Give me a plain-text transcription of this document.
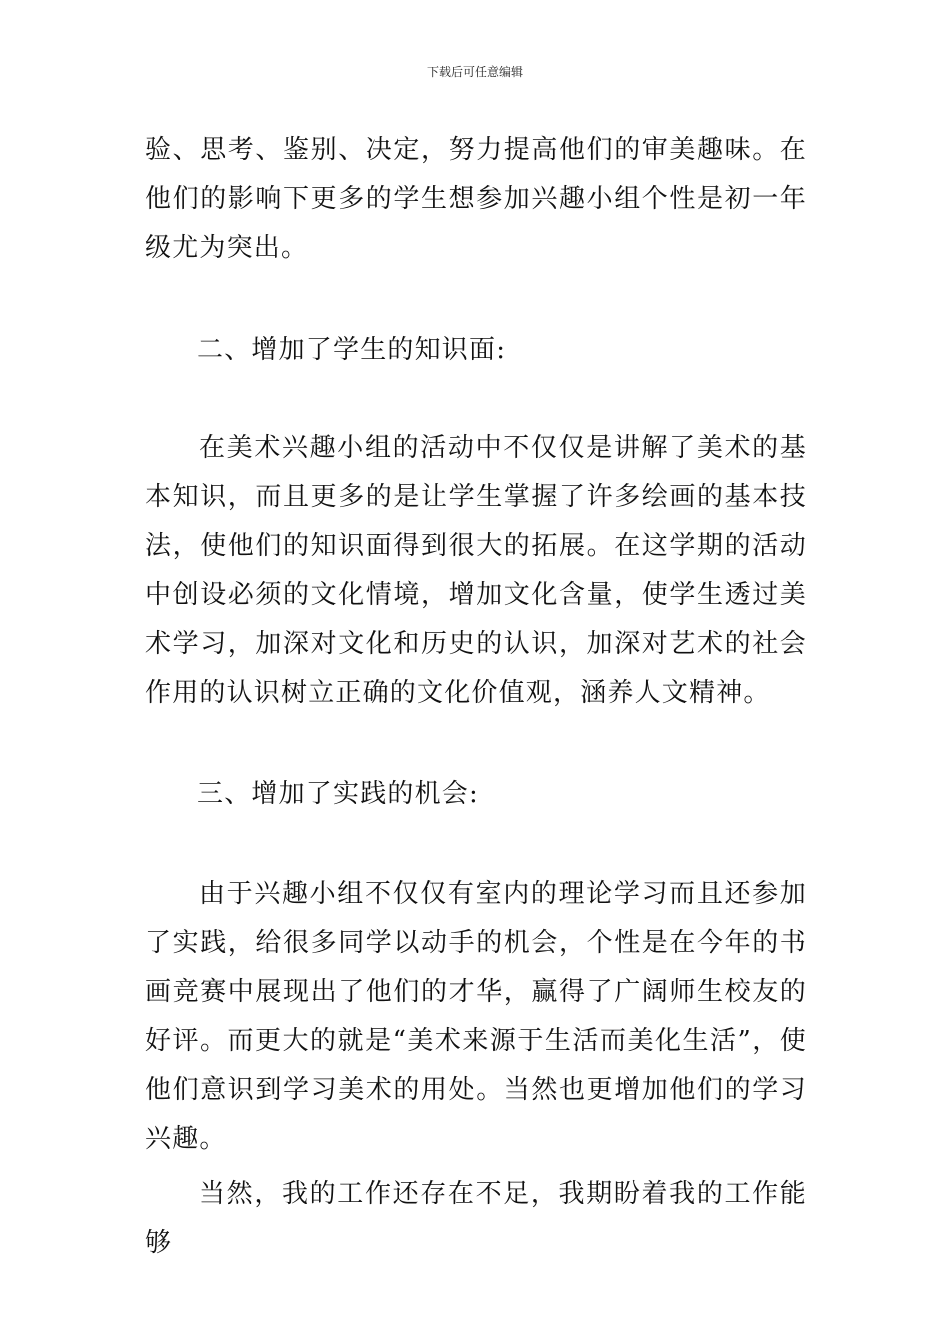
下载后可任意编辑

验、思考、鉴别、决定，努力提高他们的审美趣味。在他们的影响下更多的学生想参加兴趣小组个性是初一年级尤为突出。

二、增加了学生的知识面:

在美术兴趣小组的活动中不仅仅是讲解了美术的基本知识，而且更多的是让学生掌握了许多绘画的基本技法，使他们的知识面得到很大的拓展。在这学期的活动中创设必须的文化情境，增加文化含量，使学生透过美术学习，加深对文化和历史的认识，加深对艺术的社会作用的认识树立正确的文化价值观，涵养人文精神。

三、增加了实践的机会:

由于兴趣小组不仅仅有室内的理论学习而且还参加了实践，给很多同学以动手的机会，个性是在今年的书画竞赛中展现出了他们的才华，赢得了广阔师生校友的好评。而更大的就是“美术来源于生活而美化生活”，使他们意识到学习美术的用处。当然也更增加他们的学习兴趣。

当然，我的工作还存在不足，我期盼着我的工作能够
